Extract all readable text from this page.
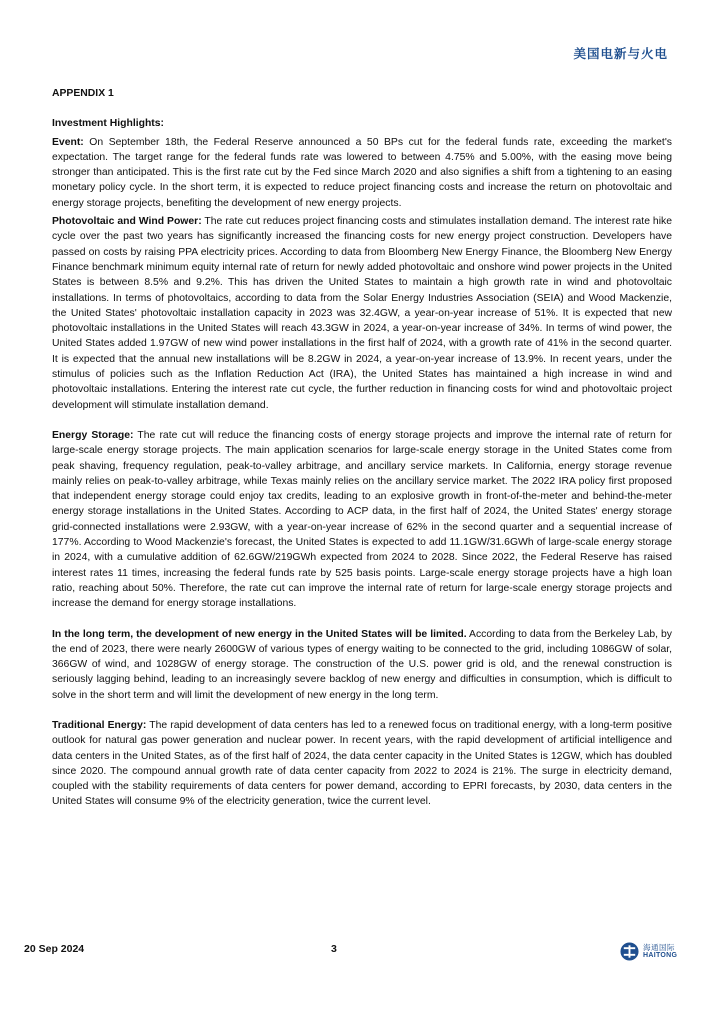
美国电新与火电
APPENDIX 1
Investment Highlights:

Event: On September 18th, the Federal Reserve announced a 50 BPs cut for the federal funds rate, exceeding the market's expectation. The target range for the federal funds rate was lowered to between 4.75% and 5.00%, with the easing move being stronger than anticipated. This is the first rate cut by the Fed since March 2020 and also signifies a shift from a tightening to an easing monetary policy cycle. In the short term, it is expected to reduce project financing costs and increase the return on photovoltaic and energy storage projects, benefiting the development of new energy projects.

Photovoltaic and Wind Power: The rate cut reduces project financing costs and stimulates installation demand. The interest rate hike cycle over the past two years has significantly increased the financing costs for new energy project construction. Developers have passed on costs by raising PPA electricity prices. According to data from Bloomberg New Energy Finance, the Bloomberg New Energy Finance benchmark minimum equity internal rate of return for newly added photovoltaic and onshore wind power projects in the United States is between 8.5% and 9.2%. This has driven the United States to maintain a high growth rate in wind and photovoltaic installations. In terms of photovoltaics, according to data from the Solar Energy Industries Association (SEIA) and Wood Mackenzie, the United States' photovoltaic installation capacity in 2023 was 32.4GW, a year-on-year increase of 51%. It is expected that new photovoltaic installations in the United States will reach 43.3GW in 2024, a year-on-year increase of 34%. In terms of wind power, the United States added 1.97GW of new wind power installations in the first half of 2024, with a growth rate of 41% in the second quarter. It is expected that the annual new installations will be 8.2GW in 2024, a year-on-year increase of 13.9%. In recent years, under the stimulus of policies such as the Inflation Reduction Act (IRA), the United States has maintained a high increase in wind and photovoltaic installations. Entering the interest rate cut cycle, the further reduction in financing costs for wind and photovoltaic project development will stimulate installation demand.

Energy Storage: The rate cut will reduce the financing costs of energy storage projects and improve the internal rate of return for large-scale energy storage projects. The main application scenarios for large-scale energy storage in the United States come from peak shaving, frequency regulation, peak-to-valley arbitrage, and ancillary service markets. In California, energy storage revenue mainly relies on peak-to-valley arbitrage, while Texas mainly relies on the ancillary service market. The 2022 IRA policy first proposed that independent energy storage could enjoy tax credits, leading to an explosive growth in front-of-the-meter and behind-the-meter energy storage installations in the United States. According to ACP data, in the first half of 2024, the United States' energy storage grid-connected installations were 2.93GW, with a year-on-year increase of 62% in the second quarter and a sequential increase of 177%. According to Wood Mackenzie's forecast, the United States is expected to add 11.1GW/31.6GWh of large-scale energy storage in 2024, with a cumulative addition of 62.6GW/219GWh expected from 2024 to 2028. Since 2022, the Federal Reserve has raised interest rates 11 times, increasing the federal funds rate by 525 basis points. Large-scale energy storage projects have a high loan ratio, reaching about 50%. Therefore, the rate cut can improve the internal rate of return for large-scale energy storage projects and increase the demand for energy storage installations.

In the long term, the development of new energy in the United States will be limited. According to data from the Berkeley Lab, by the end of 2023, there were nearly 2600GW of various types of energy waiting to be connected to the grid, including 1086GW of solar, 366GW of wind, and 1028GW of energy storage. The construction of the U.S. power grid is old, and the renewal construction is seriously lagging behind, leading to an increasingly severe backlog of new energy and difficulties in consumption, which is difficult to solve in the short term and will limit the development of new energy in the long term.

Traditional Energy: The rapid development of data centers has led to a renewed focus on traditional energy, with a long-term positive outlook for natural gas power generation and nuclear power. In recent years, with the rapid development of artificial intelligence and data centers in the United States, as of the first half of 2024, the data center capacity in the United States is 12GW, which has doubled since 2020. The compound annual growth rate of data center capacity from 2022 to 2024 is 21%. The surge in electricity demand, coupled with the stability requirements of data centers for power demand, according to EPRI forecasts, by 2030, data centers in the United States will consume 9% of the electricity generation, twice the current level.

20 Sep 2024	3	海通国际
HAITONG
